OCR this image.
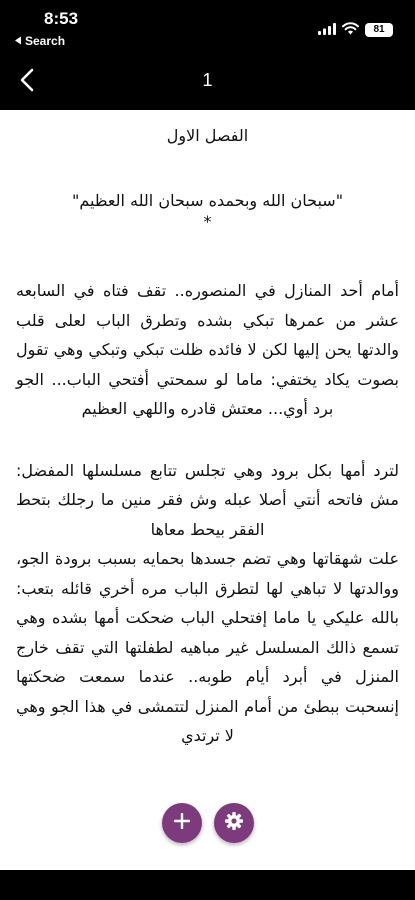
8:53
Search
81
1
الفصل الاول
"سبحان الله وبحمده سبحان الله العظيم"
*

أمام أحد المنازل في المنصوره.. تقف فتاه في السابعه عشر من عمرها تبكي بشده وتطرق الباب لعلى قلب والدتها يحن إليها لكن لا فائده ظلت تبكي وتبكي وهي تقول بصوت يكاد يختفي: ماما لو سمحتي أفتحي الباب... الجو برد أوي... معتش قادره واللهي العظيم

لترد أمها بكل برود وهي تجلس تتابع مسلسلها المفضل: مش فاتحه أنتي أصلا عبله وش فقر منين ما رجلك بتحط الفقر بيحط معاها

علت شهقاتها وهي تضم جسدها بحمايه بسبب برودة الجو، ووالدتها لا تباهي لها لتطرق الباب مره أخري قائله بتعب: بالله عليكي يا ماما إفتحلي الباب ضحكت أمها بشده وهي تسمع ذالك المسلسل غير مباهيه لطفلتها التي تقف خارج المنزل في أبرد أيام طوبه.. عندما سمعت ضحكتها إنسحبت ببطئ من أمام المنزل لتتمشى في هذا الجو وهي لا ترتدي
